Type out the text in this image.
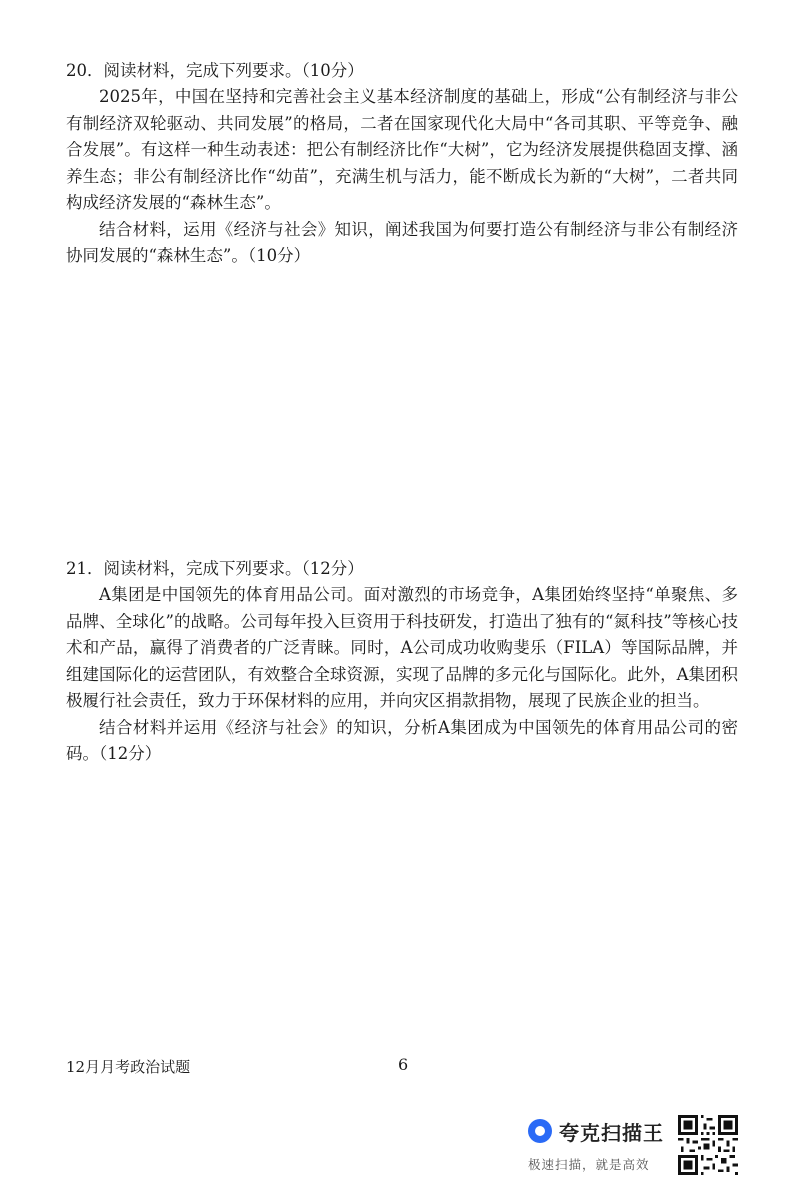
20．阅读材料，完成下列要求。（10分）

2025年，中国在坚持和完善社会主义基本经济制度的基础上，形成“公有制经济与非公有制经济双轮驱动、共同发展”的格局，二者在国家现代化大局中“各司其职、平等竞争、融合发展”。有这样一种生动表述：把公有制经济比作“大树”，它为经济发展提供稳固支撑、涵养生态；非公有制经济比作“幼苗”，充满生机与活力，能不断成长为新的“大树”，二者共同构成经济发展的“森林生态”。

结合材料，运用《经济与社会》知识，阐述我国为何要打造公有制经济与非公有制经济协同发展的“森林生态”。（10分）

21．阅读材料，完成下列要求。（12分）

A集团是中国领先的体育用品公司。面对激烈的市场竞争，A集团始终坚持“单聚焦、多品牌、全球化”的战略。公司每年投入巨资用于科技研发，打造出了独有的“氮科技”等核心技术和产品，赢得了消费者的广泛青睐。同时，A公司成功收购斐乐（FILA）等国际品牌，并组建国际化的运营团队，有效整合全球资源，实现了品牌的多元化与国际化。此外，A集团积极履行社会责任，致力于环保材料的应用，并向灾区捐款捐物，展现了民族企业的担当。

结合材料并运用《经济与社会》的知识，分析A集团成为中国领先的体育用品公司的密码。（12分）

12月月考政治试题	6
夸克扫描王
极速扫描，就是高效
